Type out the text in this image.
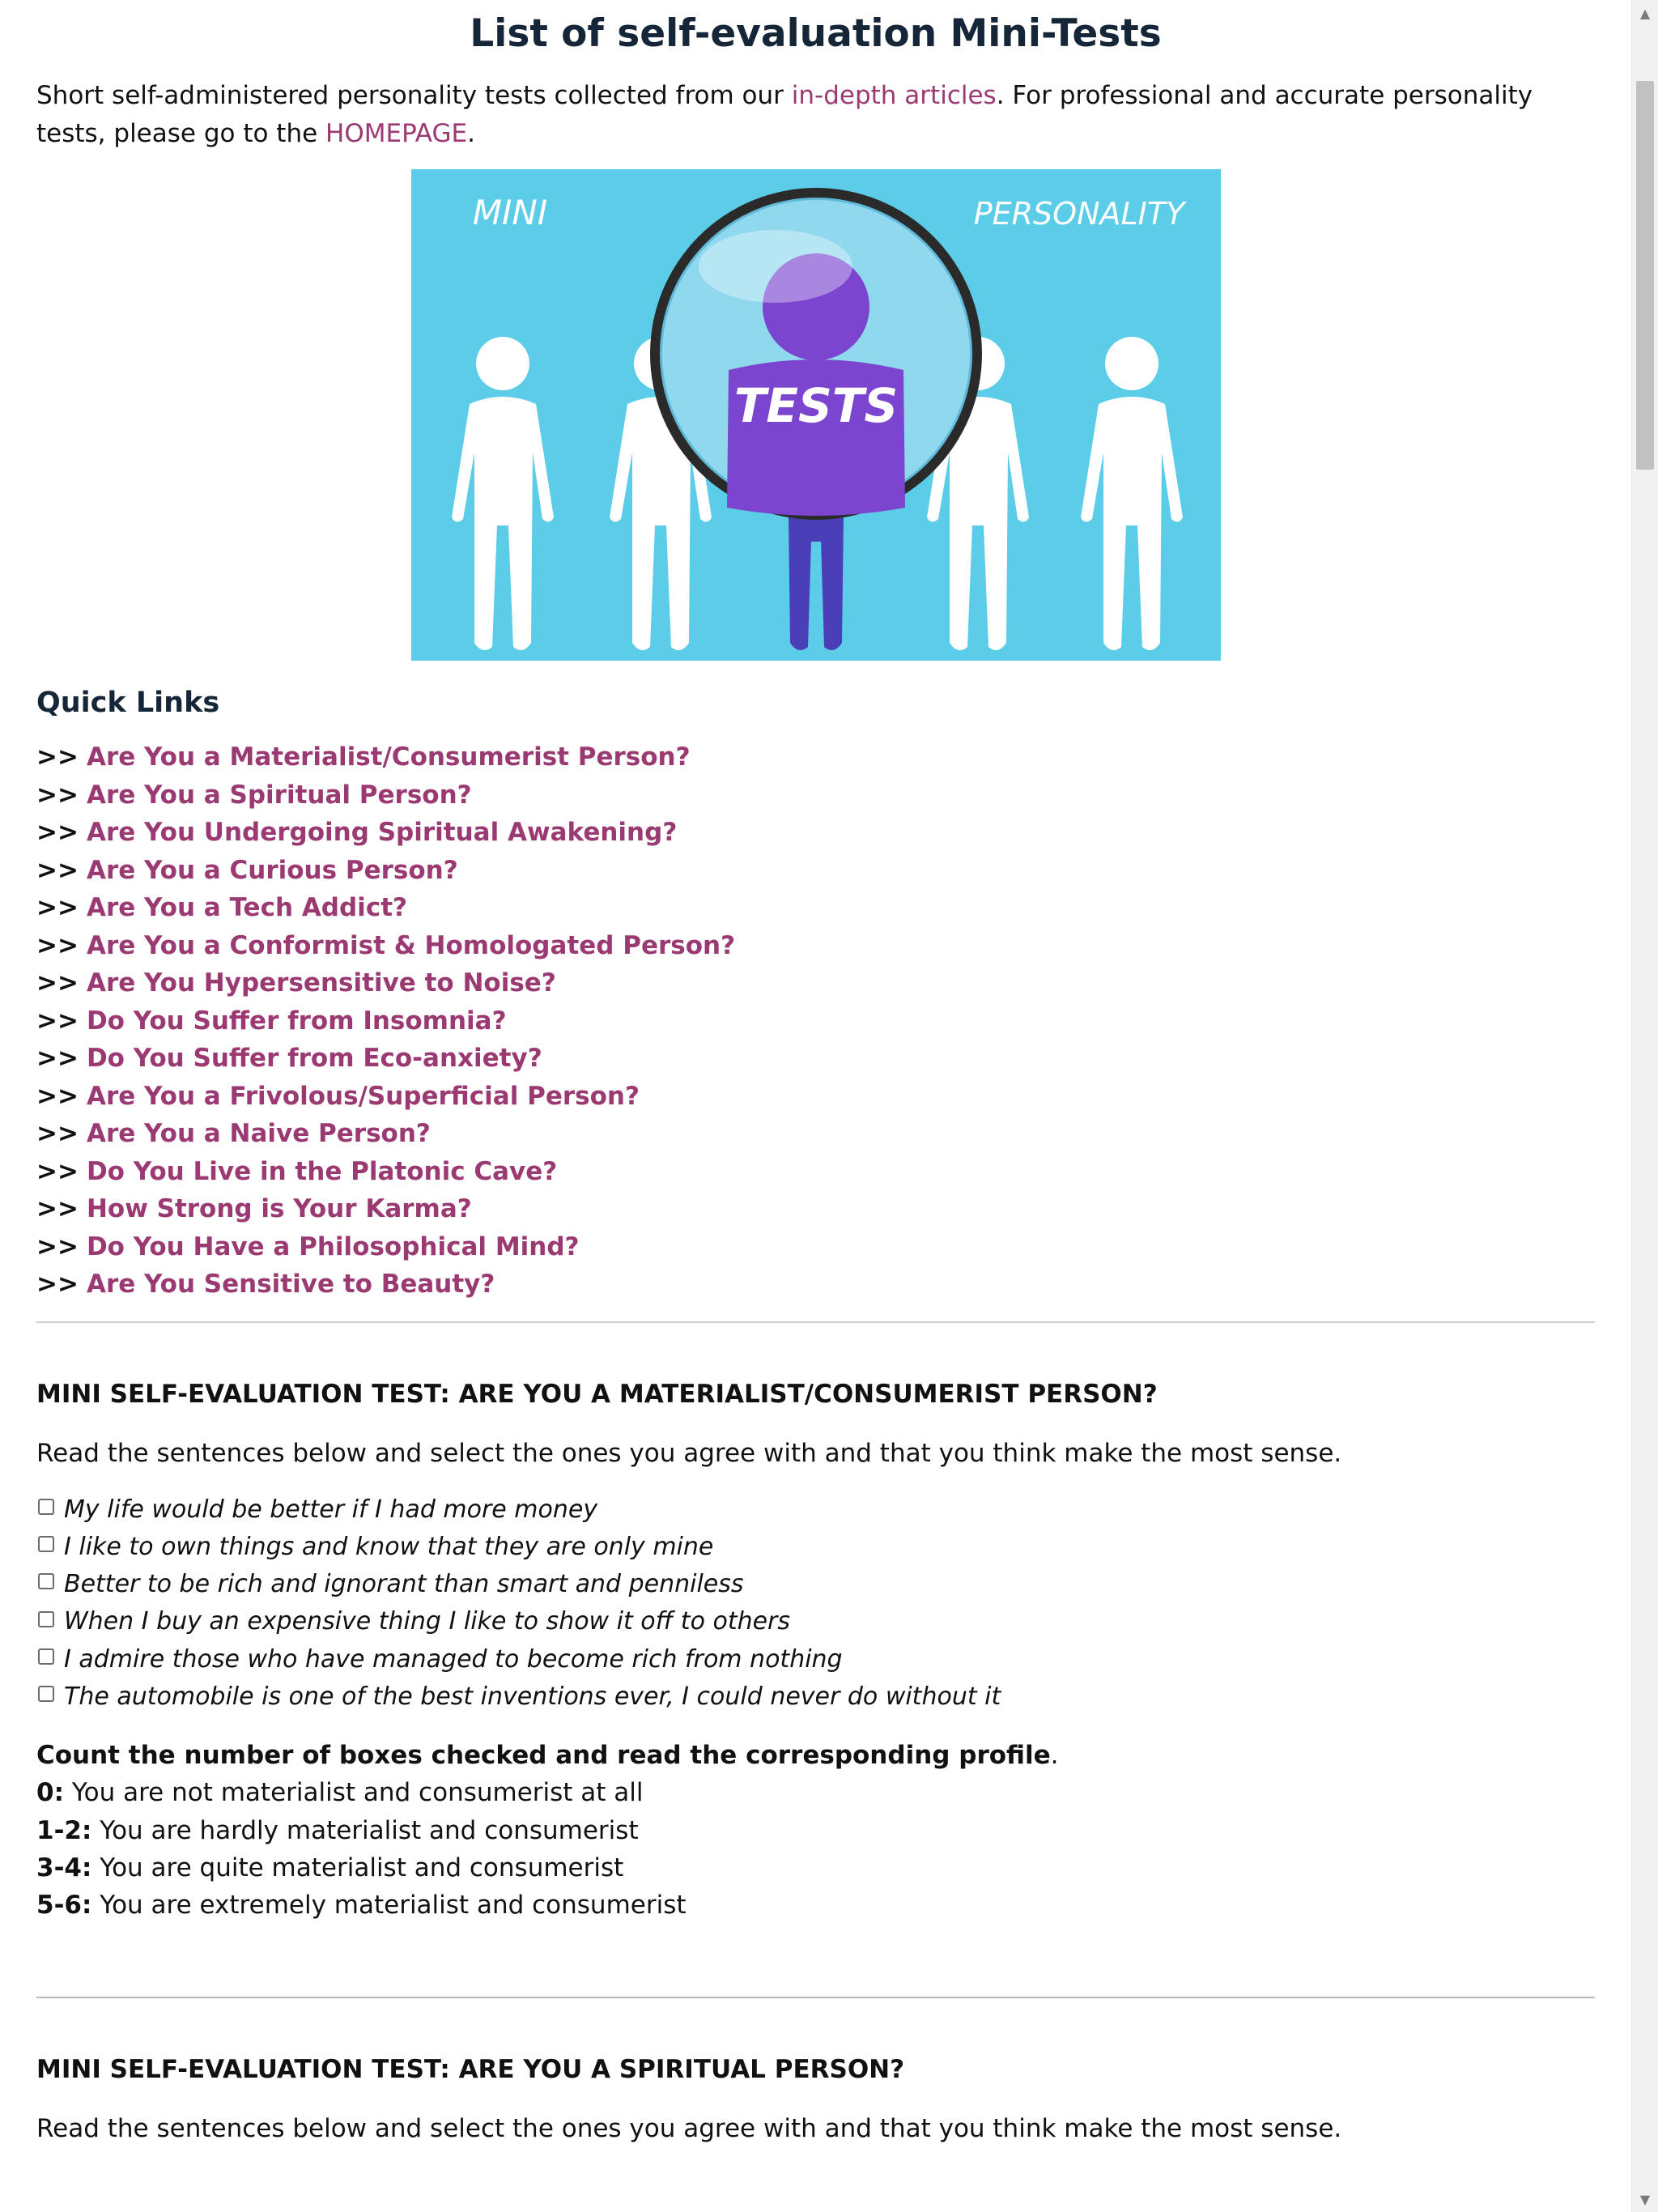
List of self-evaluation Mini-Tests

Short self-administered personality tests collected from our in-depth articles. For professional and accurate personality tests, please go to the HOMEPAGE.

MINI	PERSONALITY
TESTS
Quick Links
>> Are You a Materialist/Consumerist Person?
>> Are You a Spiritual Person?
>> Are You Undergoing Spiritual Awakening?
>> Are You a Curious Person?
>> Are You a Tech Addict?
>> Are You a Conformist & Homologated Person?
>> Are You Hypersensitive to Noise?
>> Do You Suffer from Insomnia?
>> Do You Suffer from Eco-anxiety?
>> Are You a Frivolous/Superficial Person?
>> Are You a Naive Person?
>> Do You Live in the Platonic Cave?
>> How Strong is Your Karma?
>> Do You Have a Philosophical Mind?
>> Are You Sensitive to Beauty?
MINI SELF-EVALUATION TEST: ARE YOU A MATERIALIST/CONSUMERIST PERSON?

Read the sentences below and select the ones you agree with and that you think make the most sense.

My life would be better if I had more money
I like to own things and know that they are only mine
Better to be rich and ignorant than smart and penniless
When I buy an expensive thing I like to show it off to others
I admire those who have managed to become rich from nothing
The automobile is one of the best inventions ever, I could never do without it

Count the number of boxes checked and read the corresponding profile.

0: You are not materialist and consumerist at all
1-2: You are hardly materialist and consumerist
3-4: You are quite materialist and consumerist
5-6: You are extremely materialist and consumerist
MINI SELF-EVALUATION TEST: ARE YOU A SPIRITUAL PERSON?

Read the sentences below and select the ones you agree with and that you think make the most sense.

▲
▼
